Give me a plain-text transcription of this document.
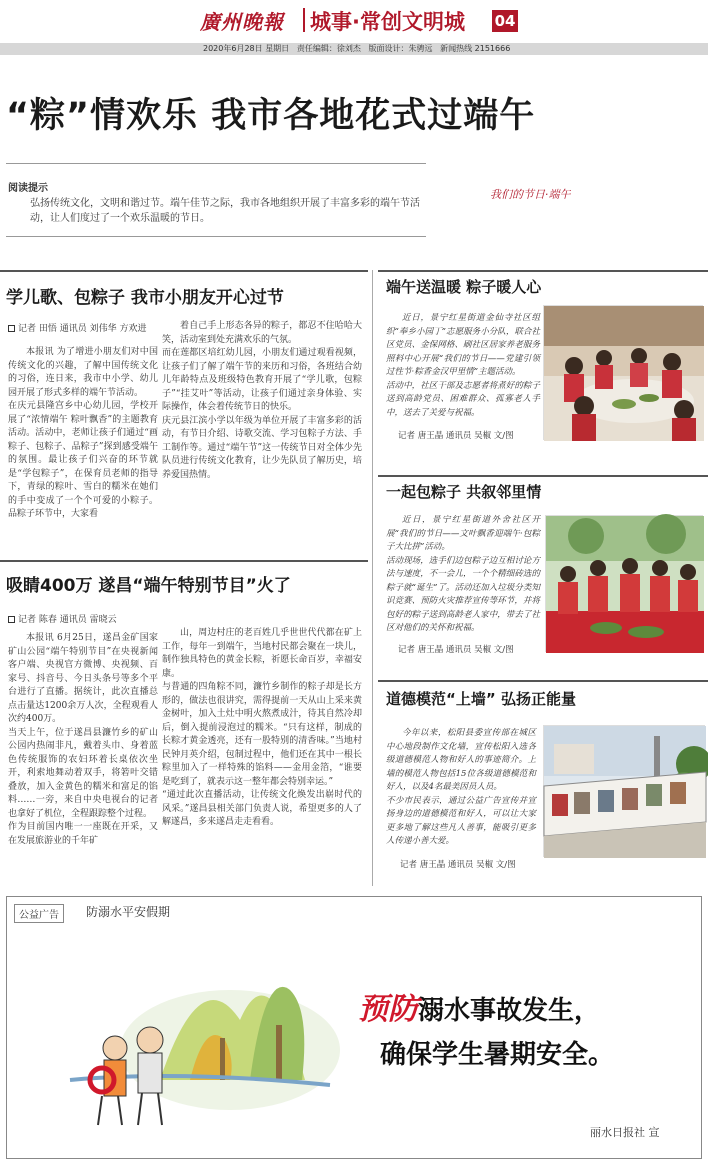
廣州晚報 城事·常创文明城 04
2020年6月28日 星期日 责任编辑：徐刘杰 版面设计：朱骋远 新闻热线 2151666
“粽”情欢乐 我市各地花式过端午
阅读提示
弘扬传统文化，文明和谐过节。端午佳节之际，我市各地组织开展了丰富多彩的端午节活动，让人们度过了一个欢乐温暖的节日。
我们的节日·端午
学儿歌、包粽子 我市小朋友开心过节
记者 田悟 通讯员 刘伟华 方欢进
本报讯 为了增进小朋友们对中国传统文化的兴趣，了解中国传统文化的习俗，连日来，我市中小学、幼儿园开展了形式多样的端午节活动。
在庆元县隆宫乡中心幼儿园，学校开展了“浓情端午 粽叶飘香”的主题教育活动。活动中，老师让孩子们通过“画粽子、包粽子、品粽子”探到感受端午的氛围。最让孩子们兴奋的环节就是“学包粽子”，在保育员老师的指导下，青绿的粽叶、雪白的糯米在她们的手中变成了一个个可爱的小粽子。品粽子环节中，大家看
着自己手上形态各异的粽子，都忍不住哈哈大笑，活动室到处充满欢乐的气氛。
而在莲都区培红幼儿园，小朋友们通过观看视频，让孩子们了解了端午节的来历和习俗，各班结合幼儿年龄特点及班级特色教育开展了“学儿歌，包粽子”“挂艾叶”等活动，让孩子们通过亲身体验、实际操作，体会着传统节日的快乐。
庆元县江滨小学以年级为单位开展了丰富多彩的活动，有节日介绍、诗歌交流、学习包粽子方法、手工制作等。通过“端午节”这一传统节日对全体少先队员进行传统文化教育，让少先队员了解历史，培养爱国热情。
吸睛400万 遂昌“端午特别节目”火了
记者 陈春 通讯员 雷晓云
本报讯 6月25日，遂昌金矿国家矿山公园“端午特别节目”在央视新闻客户端、央视官方微博、央视频、百家号、抖音号、今日头条号等多个平台进行了直播。据统计，此次直播总点击量达1200余万人次，全程观看人次约400万。
当天上午，位于遂昌县濂竹乡的矿山公园内热闹非凡，戴着头巾、身着蓝色传统服饰的农妇环着长桌依次坐开，利索地舞动着双手，将箬叶交错叠放，加入金黄色的糯米和富足的馅料……一旁，来自中央电视台的记者也拿好了机位，全程跟踪整个过程。
作为目前国内唯一一座既在开采，又在发展旅游业的千年矿
山，周边村庄的老百姓几乎世世代代都在矿上工作，每年一到端午，当地村民都会聚在一块儿，制作独具特色的黄金长粽，祈愿长命百岁，幸福安康。
与普通的四角粽不同，濂竹乡制作的粽子却是长方形的，做法也很讲究，需得提前一天从山上采来黄金树叶，加入土灶中明火熬煮成汁，待其自然冷却后，倒入提前浸泡过的糯米。“只有这样，制成的长粽才黄金透亮，还有一股特别的清香味。”当地村民钟月英介绍，包制过程中，他们还在其中一根长粽里加入了一样特殊的馅料——金用金箔，“谁要是吃到了，就表示这一整年都会特别幸运。”
“通过此次直播活动，让传统文化焕发出崭时代的风采。”遂昌县相关部门负责人说，希望更多的人了解遂昌，多来遂昌走走看看。
端午送温暖 粽子暖人心
近日，景宁红星街道金仙寺社区组织“奉乡小园丁”志愿服务小分队，联合社区党员、金保网格、刷社区居家养老服务照料中心开展“我们的节日——党建引领过性节·粽香金汉甲里情”主题活动。
活动中，社区干部及志愿者将煮好的粽子送到高龄党员、困难群众、孤寡老人手中，送去了关爱与祝福。
记者 唐王晶 通讯员 吴椒 文/图
一起包粽子 共叙邻里情
近日，景宁红星街道外舍社区开展“我们的节日——文叶飘香迎端午·包粽子大比拼”活动。
活动现场，选手们边包粽子边互相讨论方法与速度，不一会儿，一个个精细砖选的粽子就“诞生”了。活动还加入垃圾分类知识竞赛、预防火灾推荐宣传等环节，并将包好的粽子送到高龄老人家中，带去了社区对他们的关怀和祝福。
记者 唐王晶 通讯员 吴椒 文/图
道德模范“上墙” 弘扬正能量
今年以来，松阳县委宣传部在城区中心地段制作文化墙，宣传松阳入选各级道德模范人物和好人的事迹简介。上墙的模范人物包括15位各级道德模范和好人，以及4名最美因员人员。
不少市民表示，通过公益广告宣传并宣扬身边的道德模范和好人，可以让大家更多地了解这些凡人善事，能吸引更多人传递小善大爱。
记者 唐王晶 通讯员 吴椒 文/图
公益广告	防溺水平安假期
预防溺水事故发生，
确保学生暑期安全。
丽水日报社 宣
